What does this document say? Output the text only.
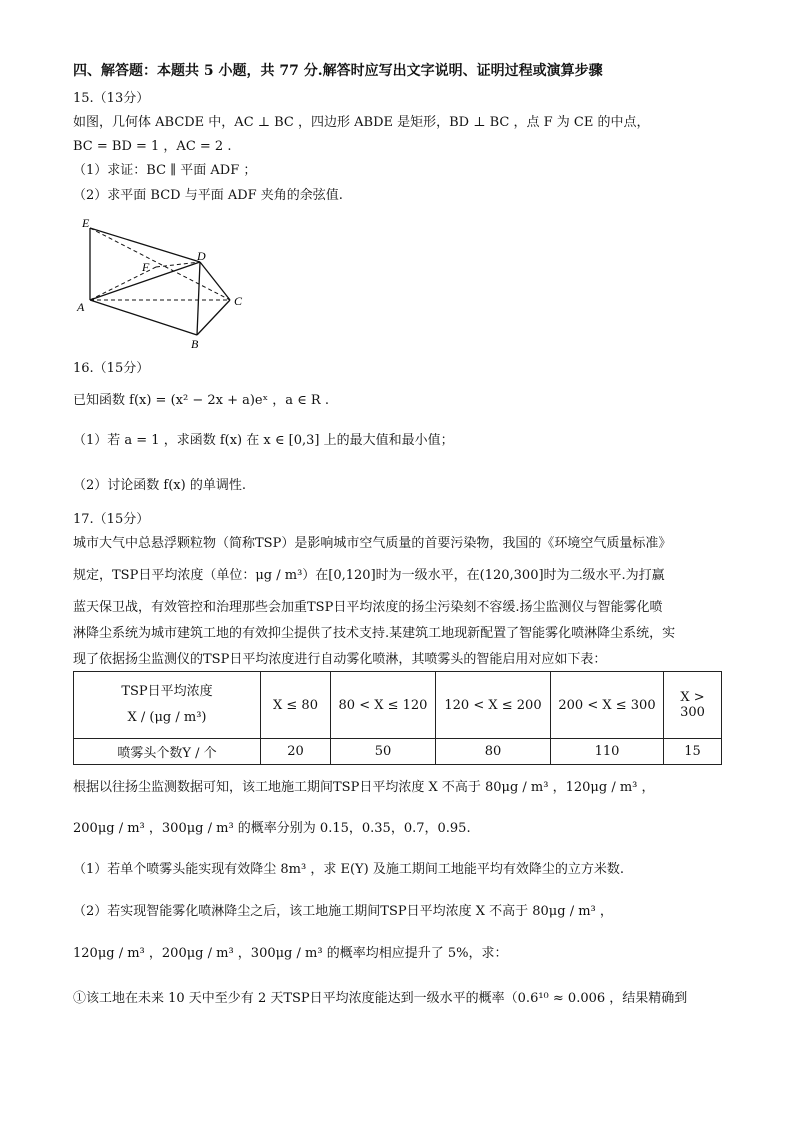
四、解答题：本题共 5 小题，共 77 分.解答时应写出文字说明、证明过程或演算步骤
15.（13分）
如图，几何体 ABCDE 中，AC ⊥ BC ，四边形 ABDE 是矩形，BD ⊥ BC ，点 F 为 CE 的中点，
BC = BD = 1 ，AC = 2 .
（1）求证：BC ∥ 平面 ADF ；
（2）求平面 BCD 与平面 ADF 夹角的余弦值.
E
D
F
A
B
C
16.（15分）
已知函数 f(x) = (x² − 2x + a)eˣ ，a ∈ R .
（1）若 a = 1 ，求函数 f(x) 在 x ∈ [0,3] 上的最大值和最小值；
（2）讨论函数 f(x) 的单调性.
17.（15分）
城市大气中总悬浮颗粒物（简称TSP）是影响城市空气质量的首要污染物，我国的《环境空气质量标准》
规定，TSP日平均浓度（单位：μg / m³）在[0,120]时为一级水平，在(120,300]时为二级水平.为打赢
蓝天保卫战，有效管控和治理那些会加重TSP日平均浓度的扬尘污染刻不容缓.扬尘监测仪与智能雾化喷
淋降尘系统为城市建筑工地的有效抑尘提供了技术支持.某建筑工地现新配置了智能雾化喷淋降尘系统，实
现了依据扬尘监测仪的TSP日平均浓度进行自动雾化喷淋，其喷雾头的智能启用对应如下表：
TSP日平均浓度
X / (μg / m³)	X ≤ 80	80 < X ≤ 120	120 < X ≤ 200	200 < X ≤ 300	X > 300
喷雾头个数Y / 个	20	50	80	110	15
根据以往扬尘监测数据可知，该工地施工期间TSP日平均浓度 X 不高于 80μg / m³ ，120μg / m³ ，
200μg / m³ ，300μg / m³ 的概率分别为 0.15，0.35，0.7，0.95.
（1）若单个喷雾头能实现有效降尘 8m³ ，求 E(Y) 及施工期间工地能平均有效降尘的立方米数.
（2）若实现智能雾化喷淋降尘之后，该工地施工期间TSP日平均浓度 X 不高于 80μg / m³ ，
120μg / m³ ，200μg / m³ ，300μg / m³ 的概率均相应提升了 5%，求：
①该工地在未来 10 天中至少有 2 天TSP日平均浓度能达到一级水平的概率（0.6¹⁰ ≈ 0.006 ，结果精确到
